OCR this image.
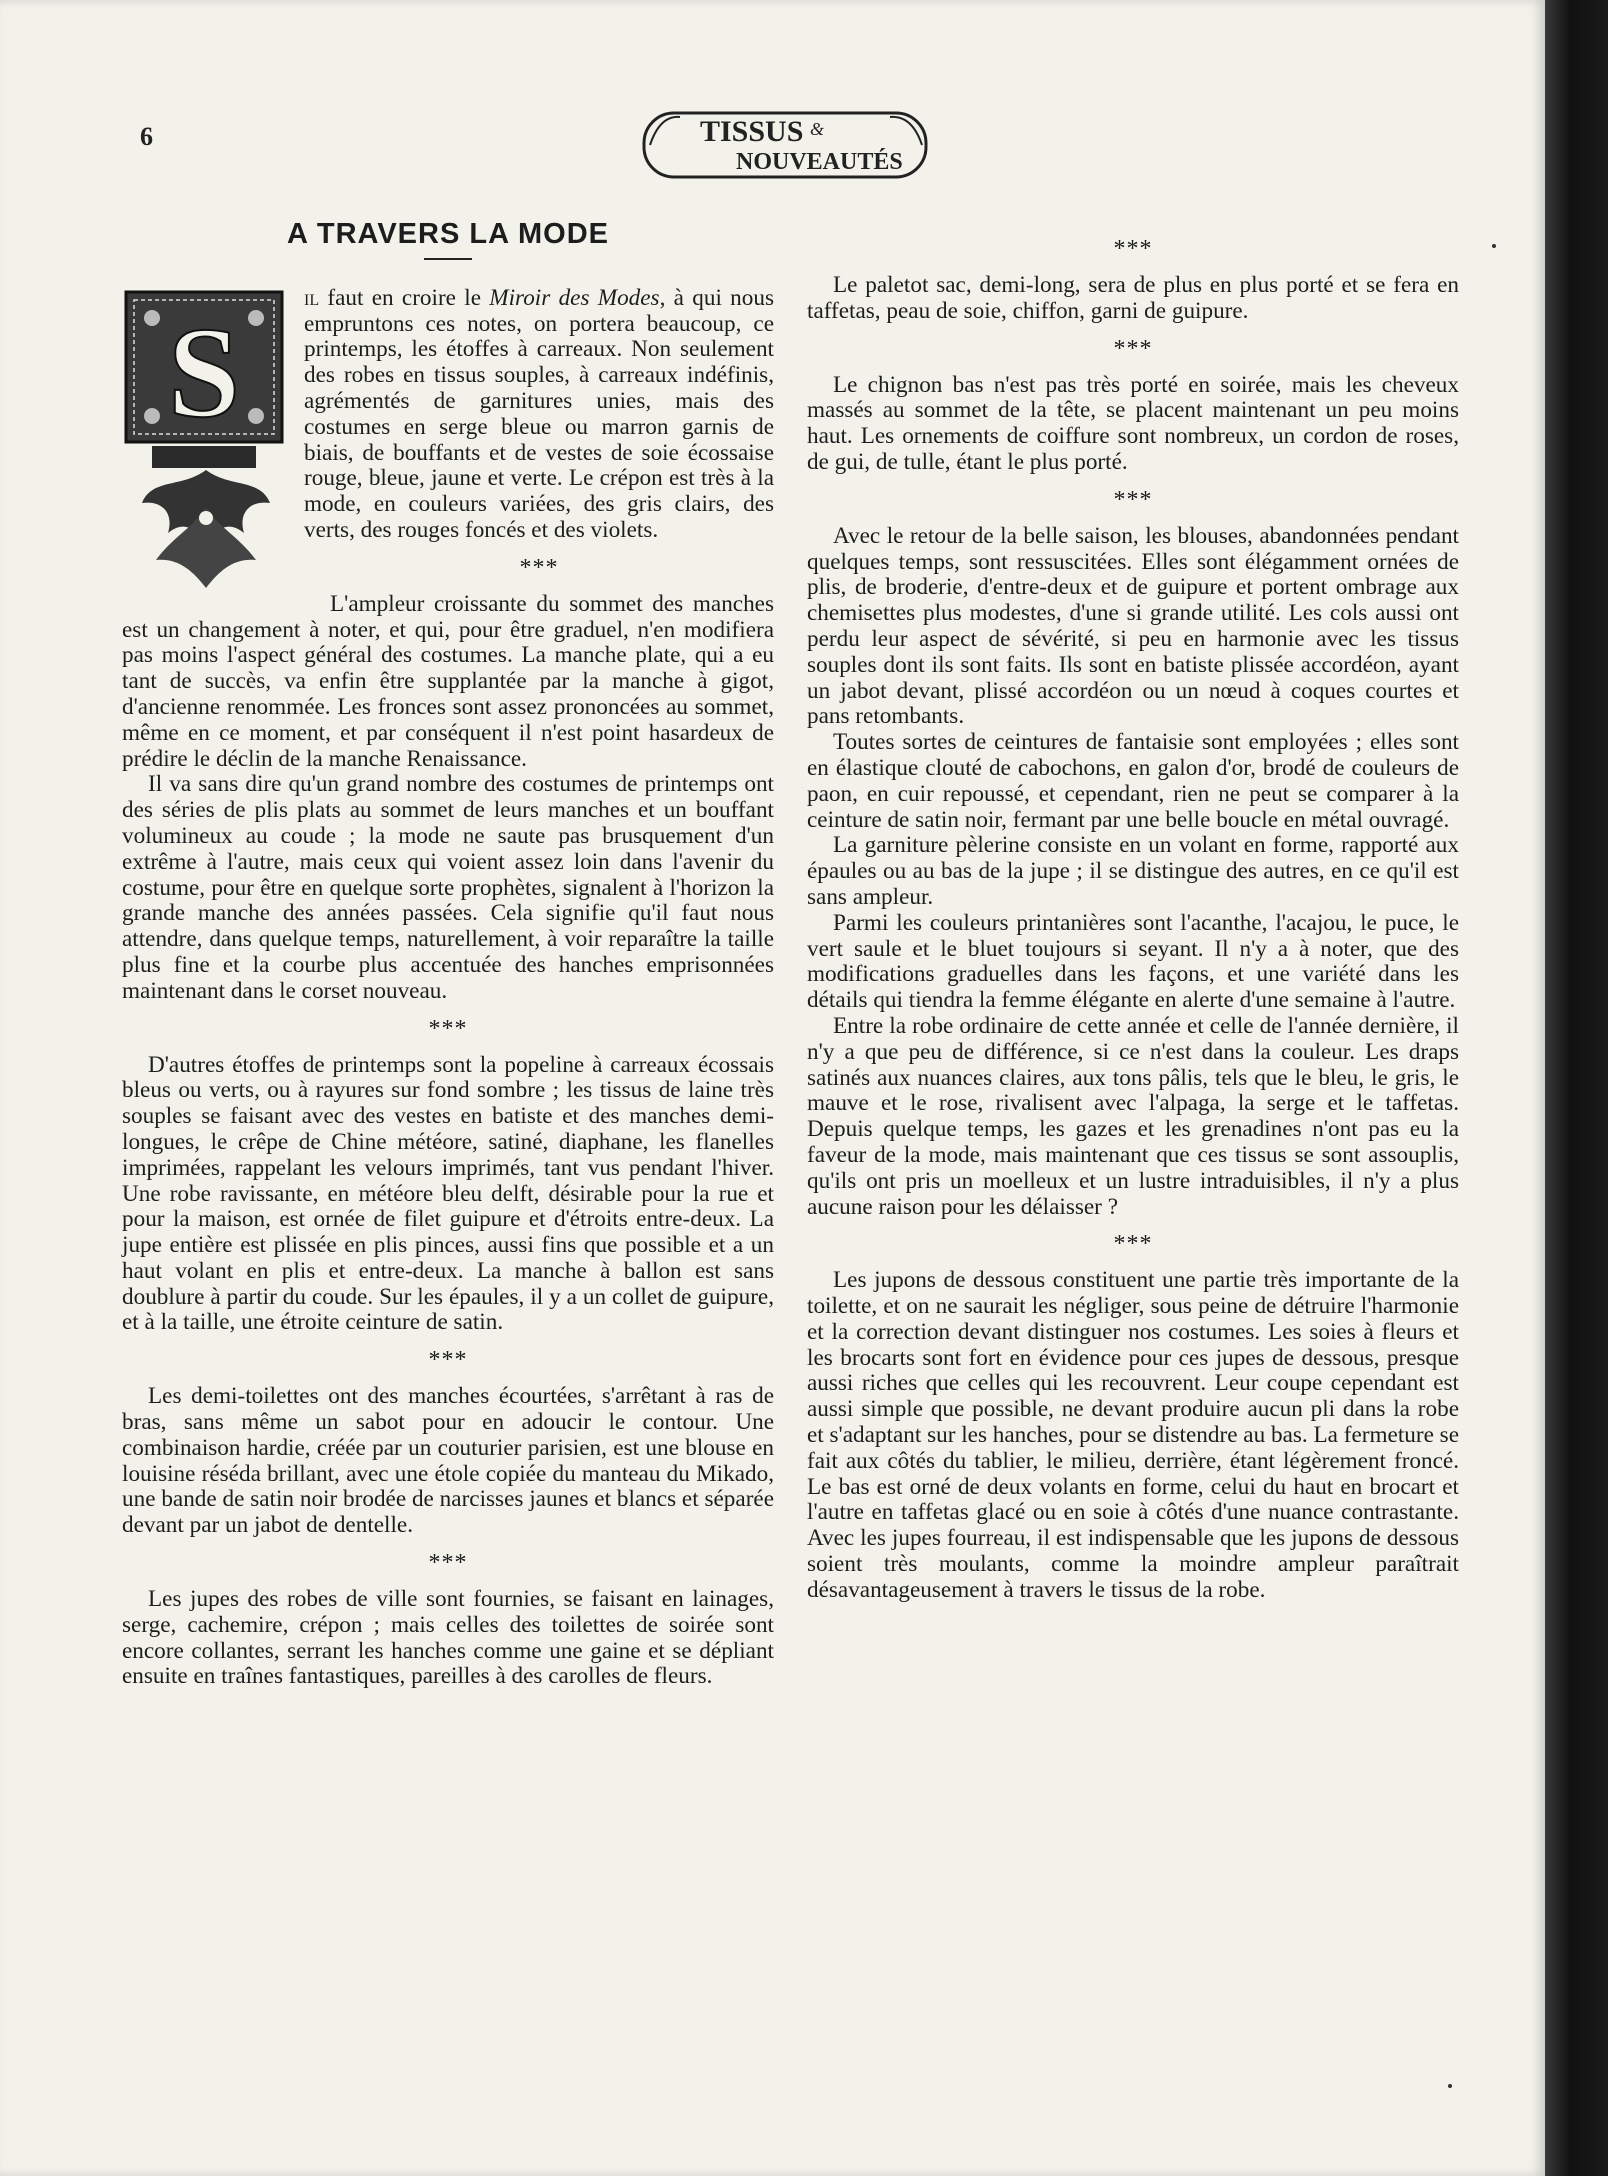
6	TISSUS &
NOUVEAUTÉS
A TRAVERS LA MODE
S

il faut en croire le Miroir des Modes, à qui nous empruntons ces notes, on portera beaucoup, ce printemps, les étoffes à carreaux. Non seulement des robes en tissus souples, à carreaux indéfinis, agrémentés de garnitures unies, mais des costumes en serge bleue ou marron garnis de biais, de bouffants et de vestes de soie écossaise rouge, bleue, jaune et verte. Le crépon est très à la mode, en couleurs variées, des gris clairs, des verts, des rouges foncés et des violets.

***

L'ampleur croissante du sommet des manches est un changement à noter, et qui, pour être graduel, n'en modifiera pas moins l'aspect général des costumes. La manche plate, qui a eu tant de succès, va enfin être supplantée par la manche à gigot, d'ancienne renommée. Les fronces sont assez prononcées au sommet, même en ce moment, et par conséquent il n'est point hasardeux de prédire le déclin de la manche Renaissance.

Il va sans dire qu'un grand nombre des costumes de printemps ont des séries de plis plats au sommet de leurs manches et un bouffant volumineux au coude ; la mode ne saute pas brusquement d'un extrême à l'autre, mais ceux qui voient assez loin dans l'avenir du costume, pour être en quelque sorte prophètes, signalent à l'horizon la grande manche des années passées. Cela signifie qu'il faut nous attendre, dans quelque temps, naturellement, à voir reparaître la taille plus fine et la courbe plus accentuée des hanches emprisonnées maintenant dans le corset nouveau.

***

D'autres étoffes de printemps sont la popeline à carreaux écossais bleus ou verts, ou à rayures sur fond sombre ; les tissus de laine très souples se faisant avec des vestes en batiste et des manches demi-longues, le crêpe de Chine météore, satiné, diaphane, les flanelles imprimées, rappelant les velours imprimés, tant vus pendant l'hiver. Une robe ravissante, en météore bleu delft, désirable pour la rue et pour la maison, est ornée de filet guipure et d'étroits entre-deux. La jupe entière est plissée en plis pinces, aussi fins que possible et a un haut volant en plis et entre-deux. La manche à ballon est sans doublure à partir du coude. Sur les épaules, il y a un collet de guipure, et à la taille, une étroite ceinture de satin.

***

Les demi-toilettes ont des manches écourtées, s'arrêtant à ras de bras, sans même un sabot pour en adoucir le contour. Une combinaison hardie, créée par un couturier parisien, est une blouse en louisine réséda brillant, avec une étole copiée du manteau du Mikado, une bande de satin noir brodée de narcisses jaunes et blancs et séparée devant par un jabot de dentelle.

***

Les jupes des robes de ville sont fournies, se faisant en lainages, serge, cachemire, crépon ; mais celles des toilettes de soirée sont encore collantes, serrant les hanches comme une gaine et se dépliant ensuite en traînes fantastiques, pareilles à des carolles de fleurs.

***

Le paletot sac, demi-long, sera de plus en plus porté et se fera en taffetas, peau de soie, chiffon, garni de guipure.

***

Le chignon bas n'est pas très porté en soirée, mais les cheveux massés au sommet de la tête, se placent maintenant un peu moins haut. Les ornements de coiffure sont nombreux, un cordon de roses, de gui, de tulle, étant le plus porté.

***

Avec le retour de la belle saison, les blouses, abandonnées pendant quelques temps, sont ressuscitées. Elles sont élégamment ornées de plis, de broderie, d'entre-deux et de guipure et portent ombrage aux chemisettes plus modestes, d'une si grande utilité. Les cols aussi ont perdu leur aspect de sévérité, si peu en harmonie avec les tissus souples dont ils sont faits. Ils sont en batiste plissée accordéon, ayant un jabot devant, plissé accordéon ou un nœud à coques courtes et pans retombants.

Toutes sortes de ceintures de fantaisie sont employées ; elles sont en élastique clouté de cabochons, en galon d'or, brodé de couleurs de paon, en cuir repoussé, et cependant, rien ne peut se comparer à la ceinture de satin noir, fermant par une belle boucle en métal ouvragé.

La garniture pèlerine consiste en un volant en forme, rapporté aux épaules ou au bas de la jupe ; il se distingue des autres, en ce qu'il est sans ampleur.

Parmi les couleurs printanières sont l'acanthe, l'acajou, le puce, le vert saule et le bluet toujours si seyant. Il n'y a à noter, que des modifications graduelles dans les façons, et une variété dans les détails qui tiendra la femme élégante en alerte d'une semaine à l'autre.

Entre la robe ordinaire de cette année et celle de l'année dernière, il n'y a que peu de différence, si ce n'est dans la couleur. Les draps satinés aux nuances claires, aux tons pâlis, tels que le bleu, le gris, le mauve et le rose, rivalisent avec l'alpaga, la serge et le taffetas. Depuis quelque temps, les gazes et les grenadines n'ont pas eu la faveur de la mode, mais maintenant que ces tissus se sont assouplis, qu'ils ont pris un moelleux et un lustre intraduisibles, il n'y a plus aucune raison pour les délaisser ?

***

Les jupons de dessous constituent une partie très importante de la toilette, et on ne saurait les négliger, sous peine de détruire l'harmonie et la correction devant distinguer nos costumes. Les soies à fleurs et les brocarts sont fort en évidence pour ces jupes de dessous, presque aussi riches que celles qui les recouvrent. Leur coupe cependant est aussi simple que possible, ne devant produire aucun pli dans la robe et s'adaptant sur les hanches, pour se distendre au bas. La fermeture se fait aux côtés du tablier, le milieu, derrière, étant légèrement froncé. Le bas est orné de deux volants en forme, celui du haut en brocart et l'autre en taffetas glacé ou en soie à côtés d'une nuance contrastante. Avec les jupes fourreau, il est indispensable que les jupons de dessous soient très moulants, comme la moindre ampleur paraîtrait désavantageusement à travers le tissus de la robe.
